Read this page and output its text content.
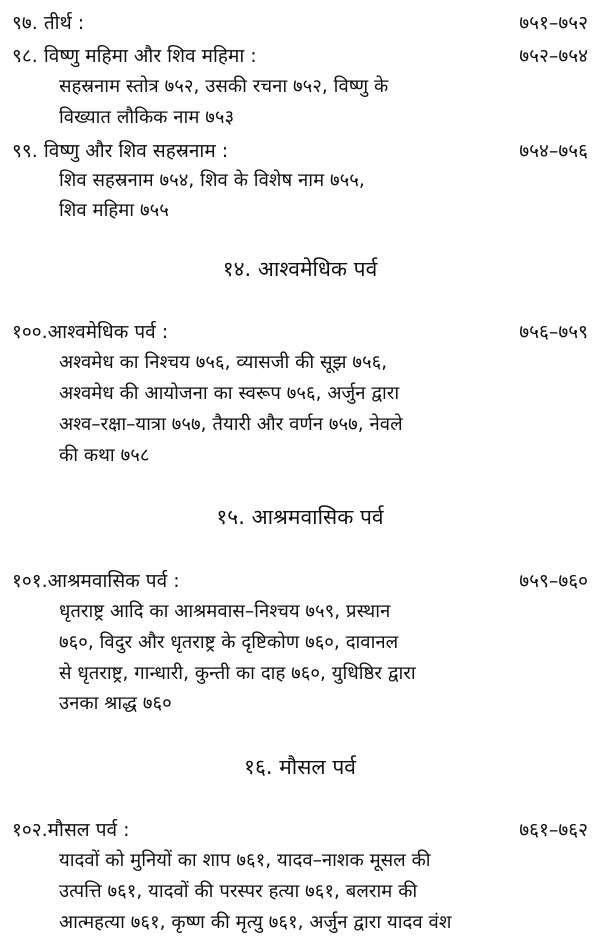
९७. तीर्थ :	७५१–७५२
९८. विष्णु महिमा और शिव महिमा :	७५२–७५४
सहस्रनाम स्तोत्र ७५२, उसकी रचना ७५२, विष्णु के
विख्यात लौकिक नाम ७५३
९९. विष्णु और शिव सहस्रनाम :	७५४–७५६
शिव सहस्रनाम ७५४, शिव के विशेष नाम ७५५,
शिव महिमा ७५५
१४. आश्वमेधिक पर्व
१००.आश्वमेधिक पर्व :	७५६–७५९
अश्वमेध का निश्चय ७५६, व्यासजी की सूझ ७५६,
अश्वमेध की आयोजना का स्वरूप ७५६, अर्जुन द्वारा
अश्व–रक्षा–यात्रा ७५७, तैयारी और वर्णन ७५७, नेवले
की कथा ७५८
१५. आश्रमवासिक पर्व
१०१.आश्रमवासिक पर्व :	७५९–७६०
धृतराष्ट्र आदि का आश्रमवास–निश्चय ७५९, प्रस्थान
७६०, विदुर और धृतराष्ट्र के दृष्टिकोण ७६०, दावानल
से धृतराष्ट्र, गान्धारी, कुन्ती का दाह ७६०, युधिष्ठिर द्वारा
उनका श्राद्ध ७६०
१६. मौसल पर्व
१०२.मौसल पर्व :	७६१–७६२
यादवों को मुनियों का शाप ७६१, यादव–नाशक मूसल की
उत्पत्ति ७६१, यादवों की परस्पर हत्या ७६१, बलराम की
आत्महत्या ७६१, कृष्ण की मृत्यु ७६१, अर्जुन द्वारा यादव वंश
